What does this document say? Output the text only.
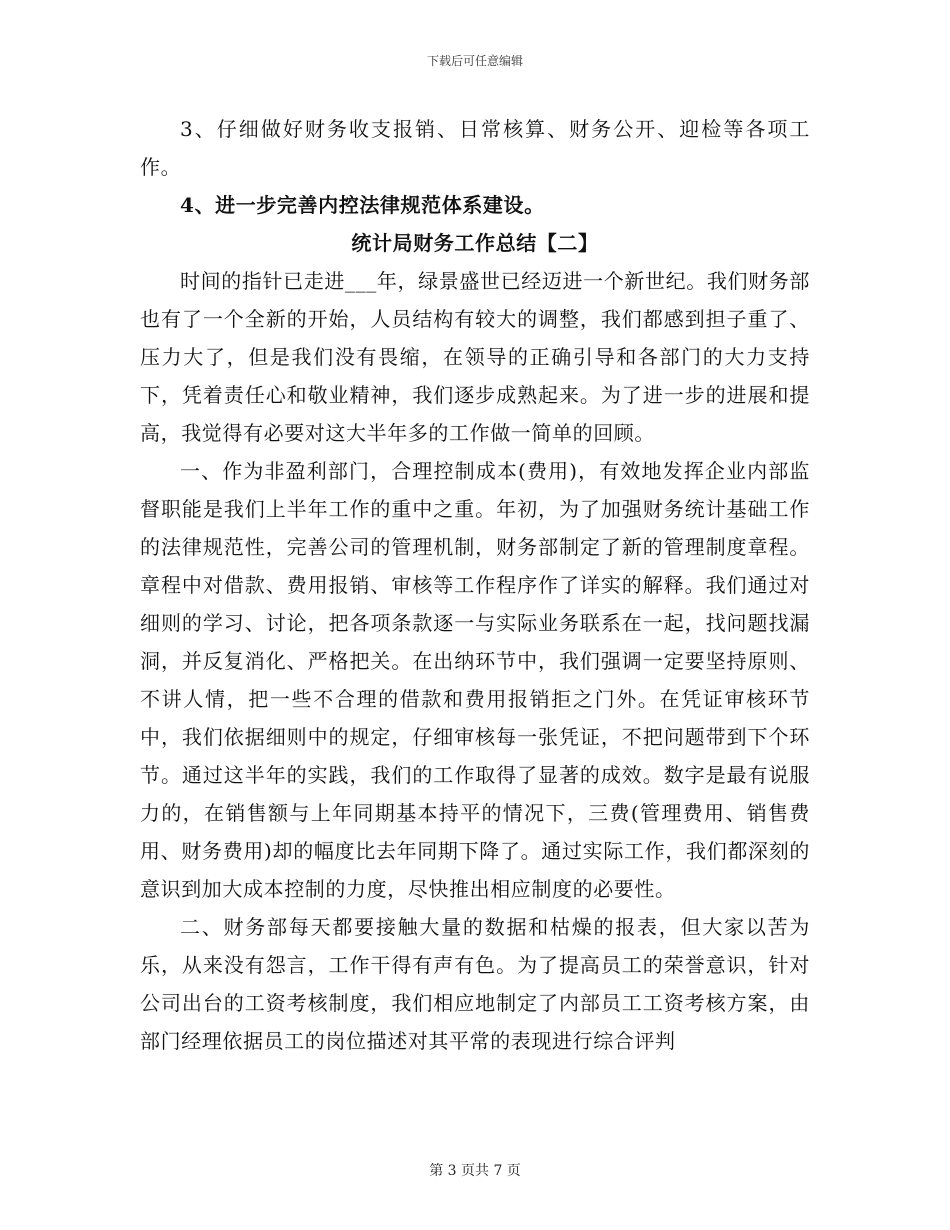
下载后可任意编辑

3、仔细做好财务收支报销、日常核算、财务公开、迎检等各项工作。

4、进一步完善内控法律规范体系建设。

统计局财务工作总结【二】

时间的指针已走进___年，绿景盛世已经迈进一个新世纪。我们财务部也有了一个全新的开始，人员结构有较大的调整，我们都感到担子重了、压力大了，但是我们没有畏缩，在领导的正确引导和各部门的大力支持下，凭着责任心和敬业精神，我们逐步成熟起来。为了进一步的进展和提高，我觉得有必要对这大半年多的工作做一简单的回顾。

一、作为非盈利部门，合理控制成本(费用)，有效地发挥企业内部监督职能是我们上半年工作的重中之重。年初，为了加强财务统计基础工作的法律规范性，完善公司的管理机制，财务部制定了新的管理制度章程。章程中对借款、费用报销、审核等工作程序作了详实的解释。我们通过对细则的学习、讨论，把各项条款逐一与实际业务联系在一起，找问题找漏洞，并反复消化、严格把关。在出纳环节中，我们强调一定要坚持原则、不讲人情，把一些不合理的借款和费用报销拒之门外。在凭证审核环节中，我们依据细则中的规定，仔细审核每一张凭证，不把问题带到下个环节。通过这半年的实践，我们的工作取得了显著的成效。数字是最有说服力的，在销售额与上年同期基本持平的情况下，三费(管理费用、销售费用、财务费用)却的幅度比去年同期下降了。通过实际工作，我们都深刻的意识到加大成本控制的力度，尽快推出相应制度的必要性。

二、财务部每天都要接触大量的数据和枯燥的报表，但大家以苦为乐，从来没有怨言，工作干得有声有色。为了提高员工的荣誉意识，针对公司出台的工资考核制度，我们相应地制定了内部员工工资考核方案，由部门经理依据员工的岗位描述对其平常的表现进行综合评判

第 3 页共 7 页
